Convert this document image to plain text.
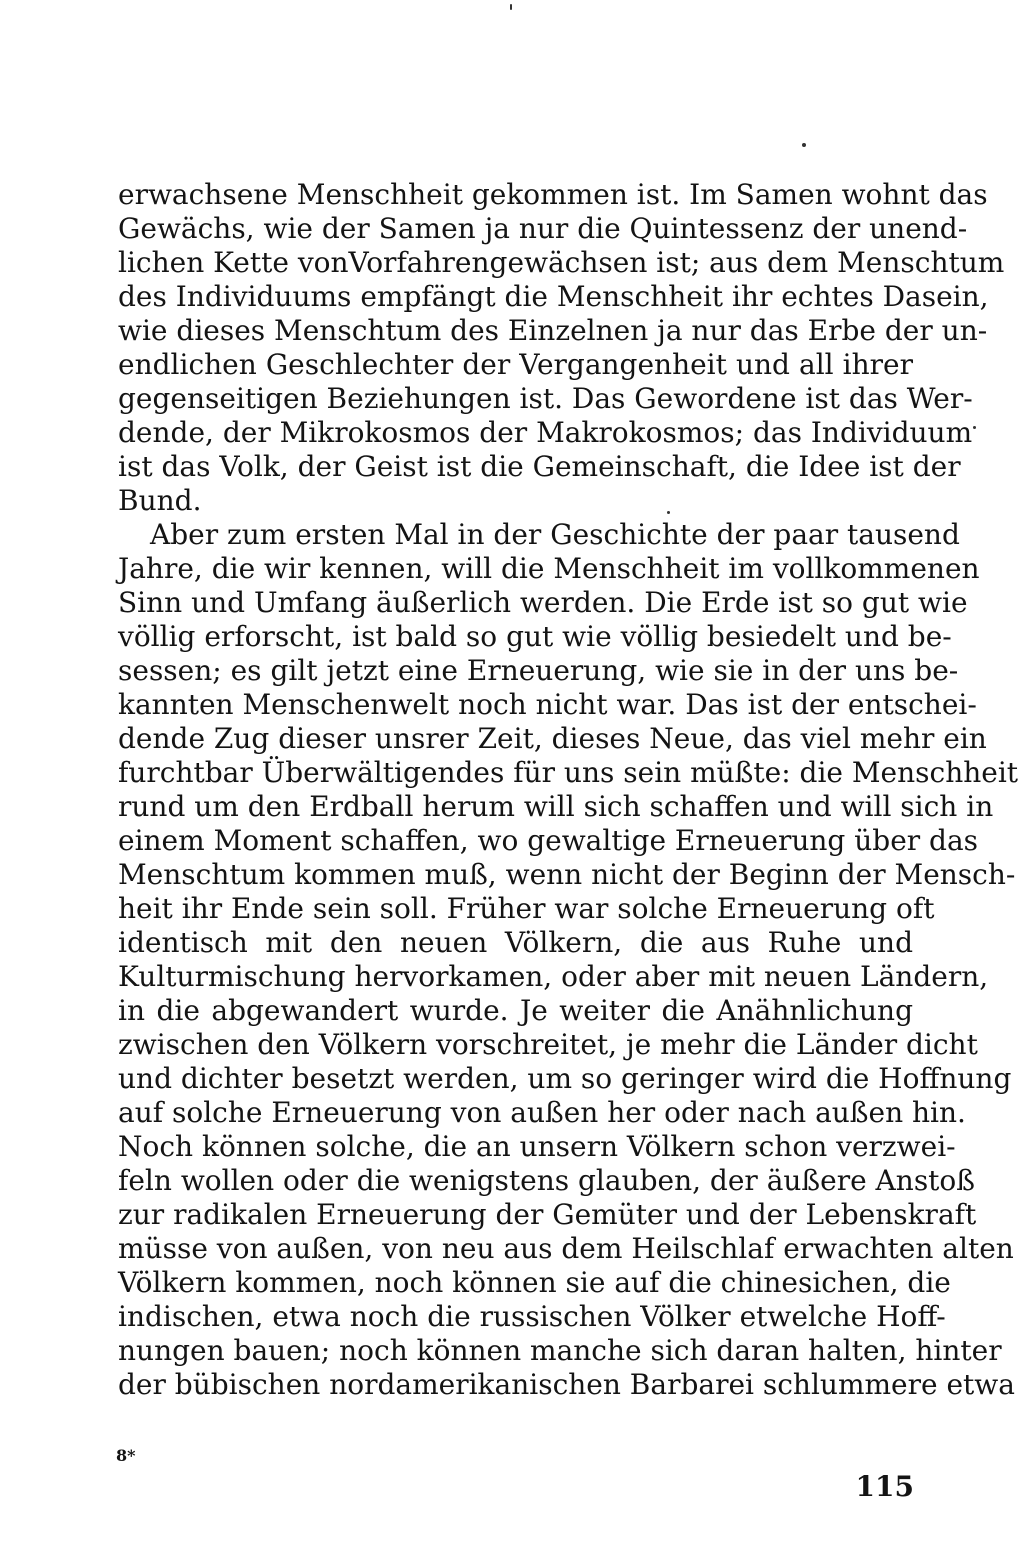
erwachsene Menschheit gekommen ist. Im Samen wohnt das
Gewächs, wie der Samen ja nur die Quintessenz der unend-
lichen Kette vonVorfahrengewächsen ist; aus dem Menschtum
des Individuums empfängt die Menschheit ihr echtes Dasein,
wie dieses Menschtum des Einzelnen ja nur das Erbe der un-
endlichen Geschlechter der Vergangenheit und all ihrer
gegenseitigen Beziehungen ist. Das Gewordene ist das Wer-
dende, der Mikrokosmos der Makrokosmos; das Individuum
ist das Volk, der Geist ist die Gemeinschaft, die Idee ist der
Bund.
Aber zum ersten Mal in der Geschichte der paar tausend
Jahre, die wir kennen, will die Menschheit im vollkommenen
Sinn und Umfang äußerlich werden. Die Erde ist so gut wie
völlig erforscht, ist bald so gut wie völlig besiedelt und be-
sessen; es gilt jetzt eine Erneuerung, wie sie in der uns be-
kannten Menschenwelt noch nicht war. Das ist der entschei-
dende Zug dieser unsrer Zeit, dieses Neue, das viel mehr ein
furchtbar Überwältigendes für uns sein müßte: die Menschheit
rund um den Erdball herum will sich schaffen und will sich in
einem Moment schaffen, wo gewaltige Erneuerung über das
Menschtum kommen muß, wenn nicht der Beginn der Mensch-
heit ihr Ende sein soll. Früher war solche Erneuerung oft
identisch mit den neuen Völkern, die aus Ruhe und
Kulturmischung hervorkamen, oder aber mit neuen Ländern,
in die abgewandert wurde. Je weiter die Anähnlichung
zwischen den Völkern vorschreitet, je mehr die Länder dicht
und dichter besetzt werden, um so geringer wird die Hoffnung
auf solche Erneuerung von außen her oder nach außen hin.
Noch können solche, die an unsern Völkern schon verzwei-
feln wollen oder die wenigstens glauben, der äußere Anstoß
zur radikalen Erneuerung der Gemüter und der Lebenskraft
müsse von außen, von neu aus dem Heilschlaf erwachten alten
Völkern kommen, noch können sie auf die chinesichen, die
indischen, etwa noch die russischen Völker etwelche Hoff-
nungen bauen; noch können manche sich daran halten, hinter
der bübischen nordamerikanischen Barbarei schlummere etwa
8*
115
